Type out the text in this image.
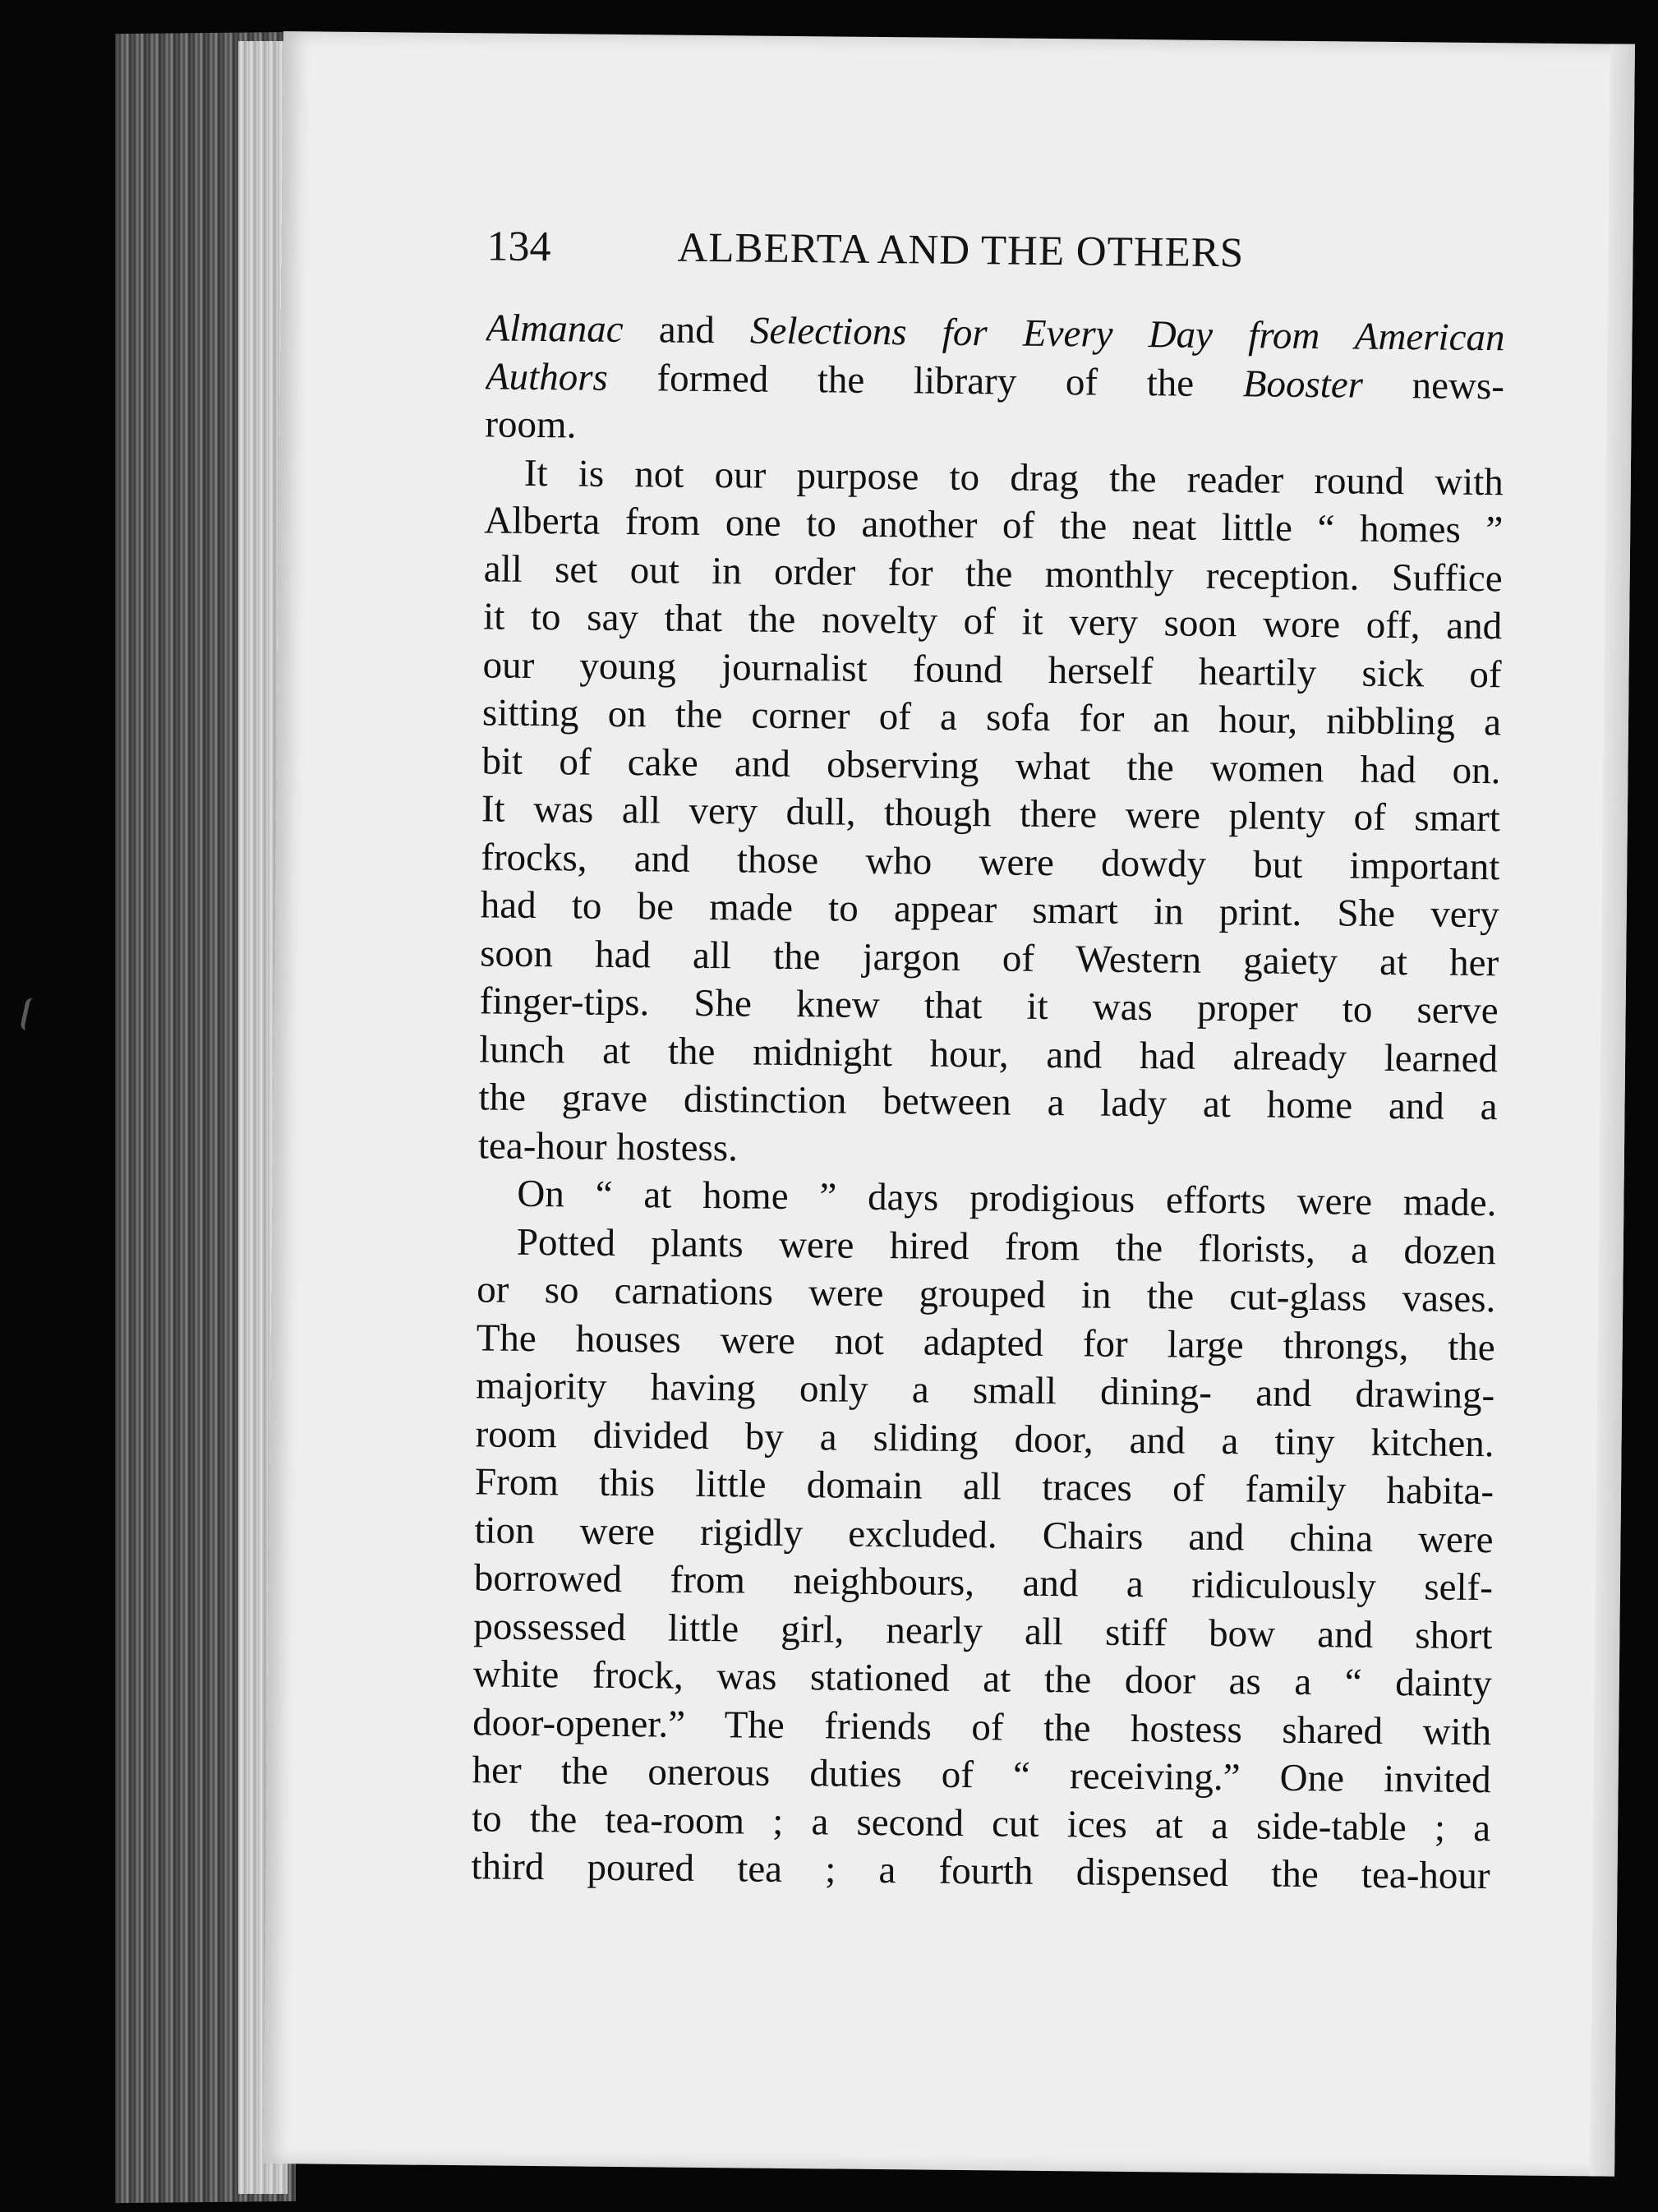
134	ALBERTA AND THE OTHERS
Almanac and Selections for Every Day from American
Authors formed the library of the Booster news-
room.
It is not our purpose to drag the reader round with
Alberta from one to another of the neat little “ homes ”
all set out in order for the monthly reception. Suffice
it to say that the novelty of it very soon wore off, and
our young journalist found herself heartily sick of
sitting on the corner of a sofa for an hour, nibbling a
bit of cake and observing what the women had on.
It was all very dull, though there were plenty of smart
frocks, and those who were dowdy but important
had to be made to appear smart in print. She very
soon had all the jargon of Western gaiety at her
finger-tips. She knew that it was proper to serve
lunch at the midnight hour, and had already learned
the grave distinction between a lady at home and a
tea-hour hostess.
On “ at home ” days prodigious efforts were made.
Potted plants were hired from the florists, a dozen
or so carnations were grouped in the cut-glass vases.
The houses were not adapted for large throngs, the
majority having only a small dining- and drawing-
room divided by a sliding door, and a tiny kitchen.
From this little domain all traces of family habita-
tion were rigidly excluded. Chairs and china were
borrowed from neighbours, and a ridiculously self-
possessed little girl, nearly all stiff bow and short
white frock, was stationed at the door as a “ dainty
door-opener.” The friends of the hostess shared with
her the onerous duties of “ receiving.” One invited
to the tea-room ; a second cut ices at a side-table ; a
third poured tea ; a fourth dispensed the tea-hour
